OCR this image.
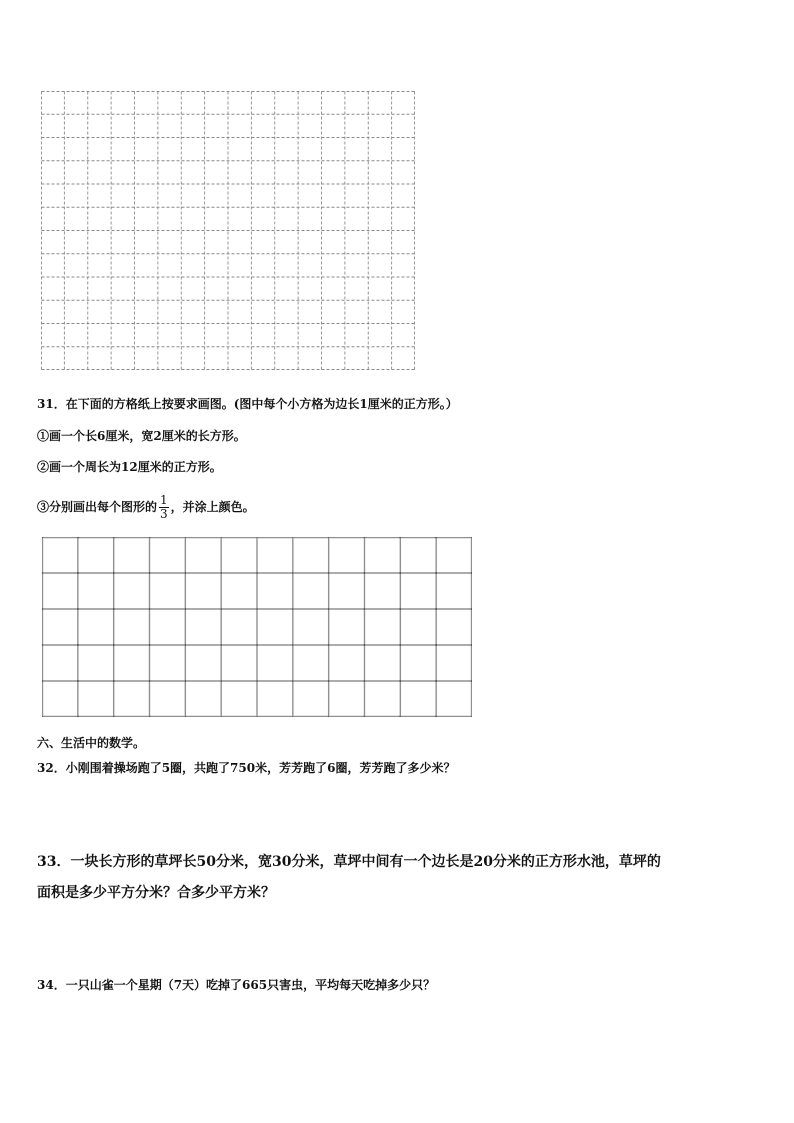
31．在下面的方格纸上按要求画图。(图中每个小方格为边长1厘米的正方形。）
①画一个长6厘米，宽2厘米的长方形。
②画一个周长为12厘米的正方形。
③分别画出每个图形的 $\frac{1}{3}$ ，并涂上颜色。
六、生活中的数学。
32．小刚围着操场跑了5圈，共跑了750米，芳芳跑了6圈，芳芳跑了多少米？
33．一块长方形的草坪长50分米，宽30分米，草坪中间有一个边长是20分米的正方形水池，草坪的
面积是多少平方分米？合多少平方米？
34．一只山雀一个星期（7天）吃掉了665只害虫，平均每天吃掉多少只？
